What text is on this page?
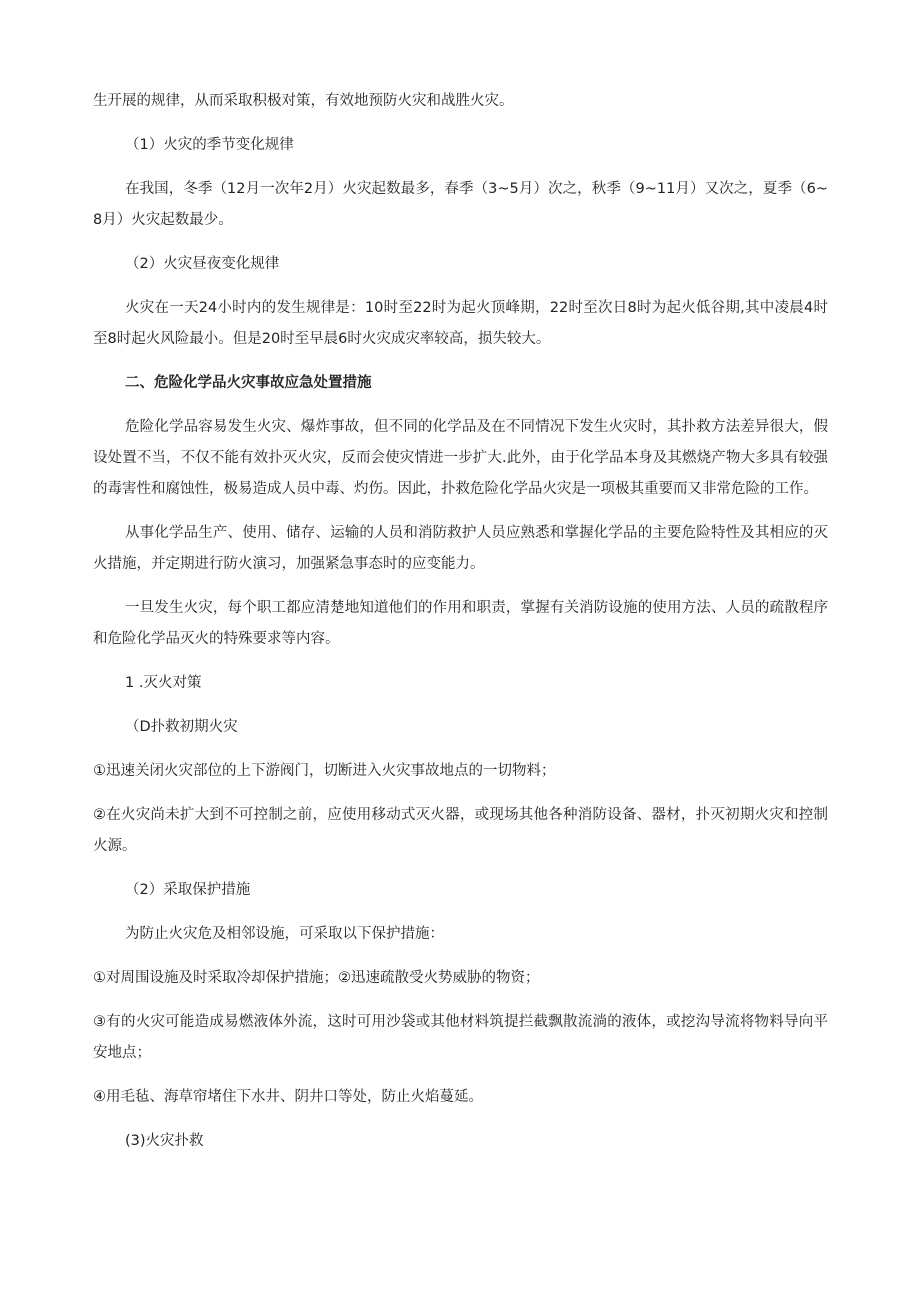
生开展的规律，从而采取积极对策，有效地预防火灾和战胜火灾。

（1）火灾的季节变化规律

在我国，冬季（12月一次年2月）火灾起数最多，春季（3~5月）次之，秋季（9~11月）又次之，夏季（6~8月）火灾起数最少。

（2）火灾昼夜变化规律

火灾在一天24小时内的发生规律是：10时至22时为起火顶峰期，22时至次日8时为起火低谷期,其中凌晨4时至8时起火风险最小。但是20时至早晨6时火灾成灾率较高，损失较大。

二、危险化学品火灾事故应急处置措施

危险化学品容易发生火灾、爆炸事故，但不同的化学品及在不同情况下发生火灾时，其扑救方法差异很大，假设处置不当，不仅不能有效扑灭火灾，反而会使灾情进一步扩大.此外，由于化学品本身及其燃烧产物大多具有较强的毒害性和腐蚀性，极易造成人员中毒、灼伤。因此，扑救危险化学品火灾是一项极其重要而又非常危险的工作。

从事化学品生产、使用、储存、运输的人员和消防救护人员应熟悉和掌握化学品的主要危险特性及其相应的灭火措施，并定期进行防火演习，加强紧急事态时的应变能力。

一旦发生火灾，每个职工都应清楚地知道他们的作用和职责，掌握有关消防设施的使用方法、人员的疏散程序和危险化学品灭火的特殊要求等内容。

1 .灭火对策

（D扑救初期火灾

①迅速关闭火灾部位的上下游阀门，切断进入火灾事故地点的一切物料；

②在火灾尚未扩大到不可控制之前，应使用移动式灭火器，或现场其他各种消防设备、器材，扑灭初期火灾和控制火源。

（2）采取保护措施

为防止火灾危及相邻设施，可采取以下保护措施：

①对周围设施及时采取冷却保护措施；②迅速疏散受火势威胁的物资；

③有的火灾可能造成易燃液体外流，这时可用沙袋或其他材料筑提拦截飘散流淌的液体，或挖沟导流将物料导向平安地点；

④用毛毡、海草帘堵住下水井、阴井口等处，防止火焰蔓延。

(3)火灾扑救
